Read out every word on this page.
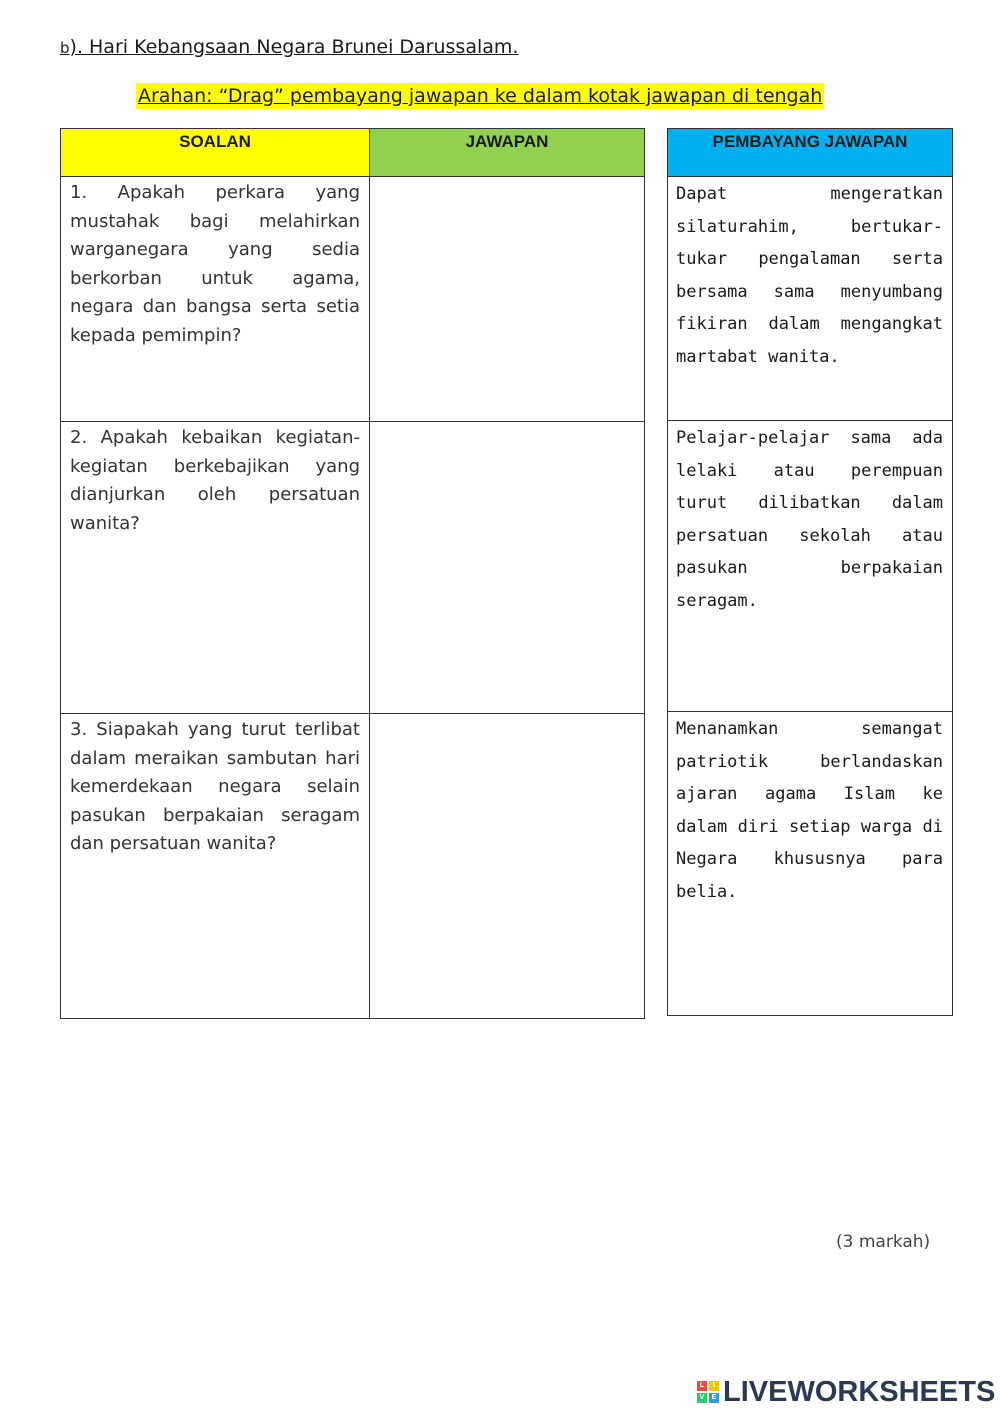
b). Hari Kebangsaan Negara Brunei Darussalam.
Arahan: “Drag” pembayang jawapan ke dalam kotak jawapan di tengah
SOALAN	JAWAPAN
1. Apakah perkara yang mustahak bagi melahirkan warganegara yang sedia berkorban untuk agama, negara dan bangsa serta setia kepada pemimpin?	
2. Apakah kebaikan kegiatan-kegiatan berkebajikan yang dianjurkan oleh persatuan wanita?	
3. Siapakah yang turut terlibat dalam meraikan sambutan hari kemerdekaan negara selain pasukan berpakaian seragam dan persatuan wanita?	
PEMBAYANG JAWAPAN
Dapat mengeratkan silaturahim, bertukar-tukar pengalaman serta bersama sama menyumbang fikiran dalam mengangkat martabat wanita.
Pelajar-pelajar sama ada lelaki atau perempuan turut dilibatkan dalam persatuan sekolah atau pasukan berpakaian seragam.
Menanamkan semangat patriotik berlandaskan ajaran agama Islam ke dalam diri setiap warga di Negara khususnya para belia.
(3 markah)
L	I
V	E LIVEWORKSHEETS
